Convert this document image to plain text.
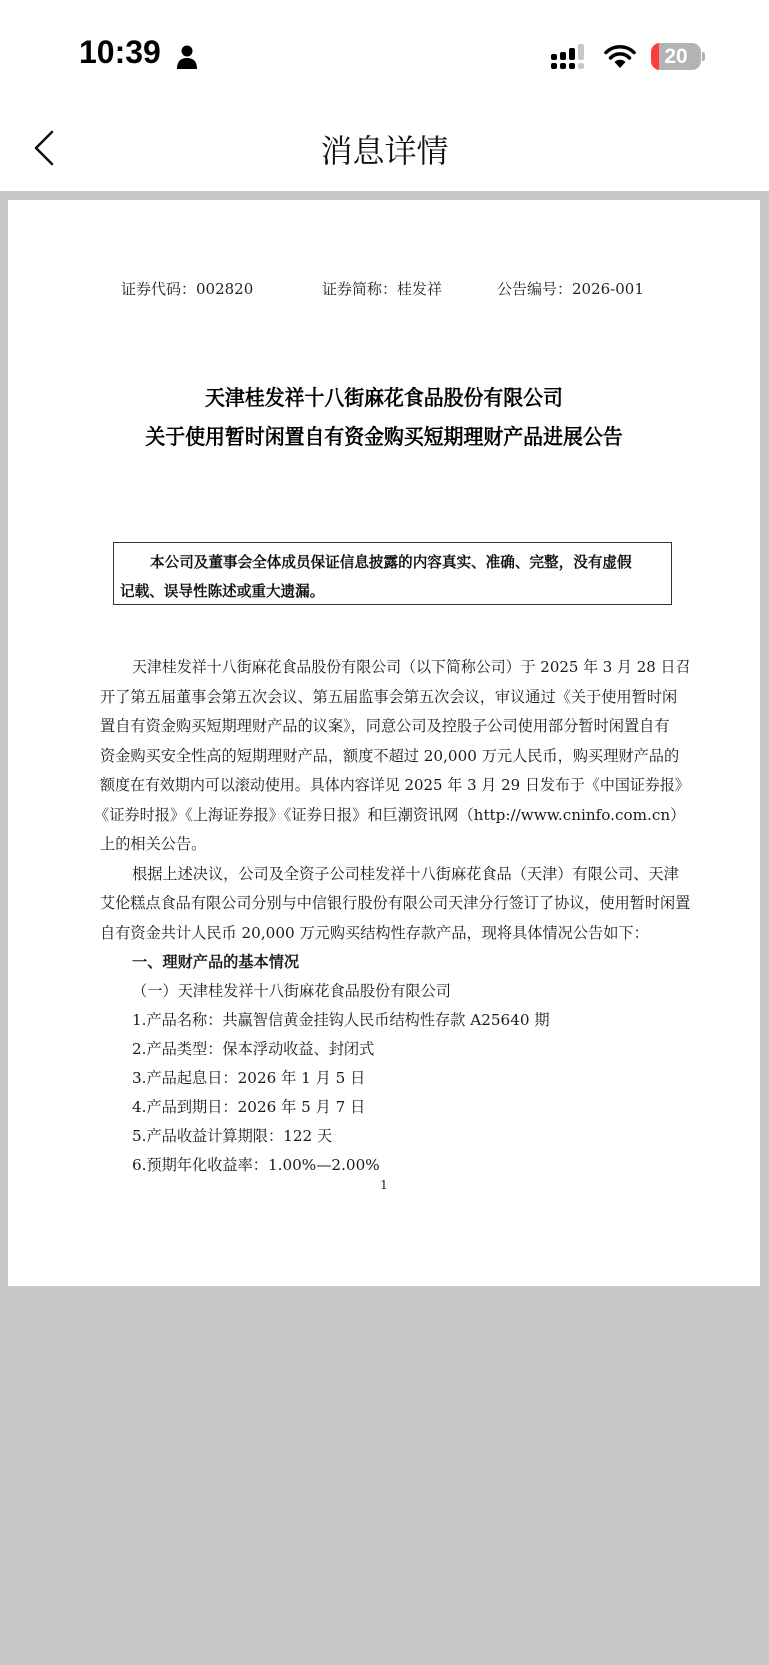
10:39	20
消息详情
证券代码：002820	证券简称：桂发祥	公告编号：2026-001
天津桂发祥十八街麻花食品股份有限公司
关于使用暂时闲置自有资金购买短期理财产品进展公告
本公司及董事会全体成员保证信息披露的内容真实、准确、完整，没有虚假
记载、误导性陈述或重大遗漏。
天津桂发祥十八街麻花食品股份有限公司（以下简称公司）于 2025 年 3 月 28 日召
开了第五届董事会第五次会议、第五届监事会第五次会议，审议通过《关于使用暂时闲
置自有资金购买短期理财产品的议案》，同意公司及控股子公司使用部分暂时闲置自有
资金购买安全性高的短期理财产品，额度不超过 20,000 万元人民币，购买理财产品的
额度在有效期内可以滚动使用。具体内容详见 2025 年 3 月 29 日发布于《中国证券报》
《证券时报》《上海证券报》《证券日报》和巨潮资讯网（http://www.cninfo.com.cn）
上的相关公告。
根据上述决议，公司及全资子公司桂发祥十八街麻花食品（天津）有限公司、天津
艾伦糕点食品有限公司分别与中信银行股份有限公司天津分行签订了协议，使用暂时闲置
自有资金共计人民币 20,000 万元购买结构性存款产品，现将具体情况公告如下：
一、理财产品的基本情况
（一）天津桂发祥十八街麻花食品股份有限公司
1.产品名称：共赢智信黄金挂钩人民币结构性存款 A25640 期
2.产品类型：保本浮动收益、封闭式
3.产品起息日：2026 年 1 月 5 日
4.产品到期日：2026 年 5 月 7 日
5.产品收益计算期限：122 天
6.预期年化收益率：1.00%—2.00%
1
